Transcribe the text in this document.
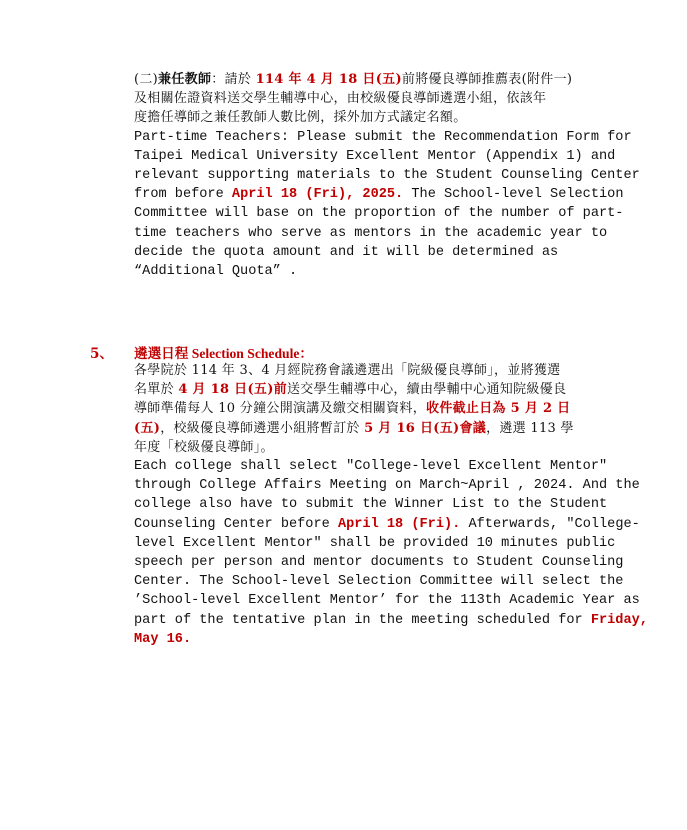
(二)兼任教師：請於 114 年 4 月 18 日(五)前將優良導師推薦表(附件一)
及相關佐證資料送交學生輔導中心，由校級優良導師遴選小組，依該年
度擔任導師之兼任教師人數比例，採外加方式議定名額。
Part-time Teachers: Please submit the Recommendation Form for
Taipei Medical University Excellent Mentor (Appendix 1) and
relevant supporting materials to the Student Counseling Center
from before April 18 (Fri), 2025. The School-level Selection
Committee will base on the proportion of the number of part-
time teachers who serve as mentors in the academic year to
decide the quota amount and it will be determined as
“Additional Quota” .
5、 遴選日程 Selection Schedule：
各學院於 114 年 3、4 月經院務會議遴選出「院級優良導師」，並將獲選
名單於 4 月 18 日(五)前送交學生輔導中心，續由學輔中心通知院級優良
導師準備每人 10 分鐘公開演講及繳交相關資料，收件截止日為 5 月 2 日
(五)，校級優良導師遴選小組將暫訂於 5 月 16 日(五)會議，遴選 113 學
年度「校級優良導師」。
Each college shall select "College-level Excellent Mentor"
through College Affairs Meeting on March~April , 2024. And the
college also have to submit the Winner List to the Student
Counseling Center before April 18 (Fri). Afterwards, "College-
level Excellent Mentor" shall be provided 10 minutes public
speech per person and mentor documents to Student Counseling
Center. The School-level Selection Committee will select the
’School-level Excellent Mentor’ for the 113th Academic Year as
part of the tentative plan in the meeting scheduled for Friday,
May 16.
